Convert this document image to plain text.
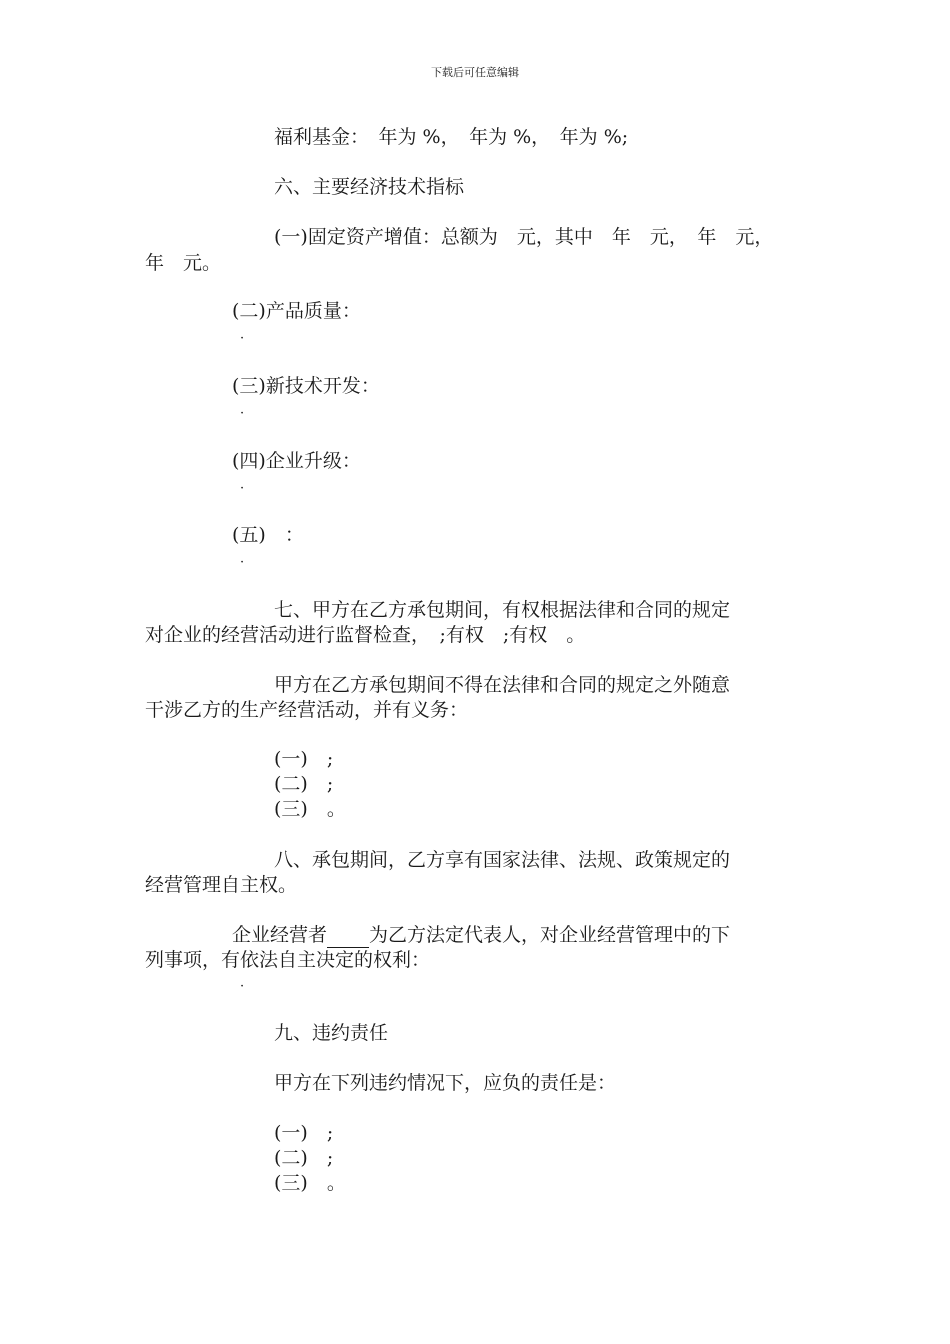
下载后可任意编辑
福利基金：　年为 %，　年为 %，　年为 %;
六、主要经济技术指标
(一)固定资产增值：总额为　元，其中　年　元，　年　元，
年　元。
(二)产品质量：
·
(三)新技术开发：
·
(四)企业升级：
·
(五)　：
·
七、甲方在乙方承包期间，有权根据法律和合同的规定
对企业的经营活动进行监督检查，　;有权　;有权　。
甲方在乙方承包期间不得在法律和合同的规定之外随意
干涉乙方的生产经营活动，并有义务：
(一)　;
(二)　;
(三)　。
八、承包期间，乙方享有国家法律、法规、政策规定的
经营管理自主权。
企业经营者 为乙方法定代表人，对企业经营管理中的下
列事项，有依法自主决定的权利：
·
九、违约责任
甲方在下列违约情况下，应负的责任是：
(一)　;
(二)　;
(三)　。
